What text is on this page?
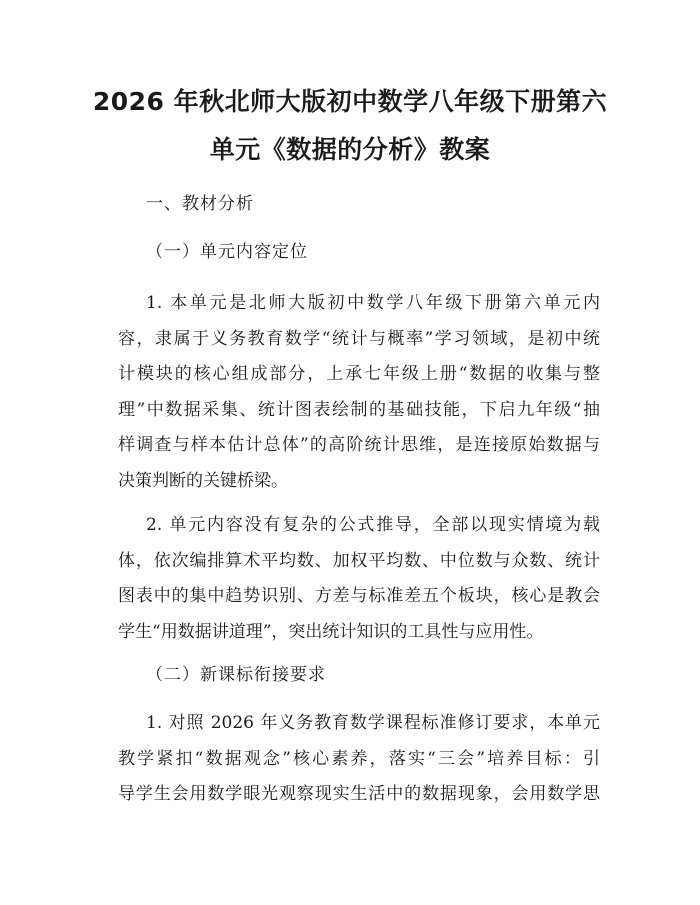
2026 年秋北师大版初中数学八年级下册第六
单元《数据的分析》教案

一、教材分析

（一）单元内容定位

1. 本单元是北师大版初中数学八年级下册第六单元内
容，隶属于义务教育数学“统计与概率”学习领域，是初中统
计模块的核心组成部分，上承七年级上册“数据的收集与整
理”中数据采集、统计图表绘制的基础技能，下启九年级“抽
样调查与样本估计总体”的高阶统计思维，是连接原始数据与
决策判断的关键桥梁。
2. 单元内容没有复杂的公式推导，全部以现实情境为载
体，依次编排算术平均数、加权平均数、中位数与众数、统计
图表中的集中趋势识别、方差与标准差五个板块，核心是教会
学生“用数据讲道理”，突出统计知识的工具性与应用性。

（二）新课标衔接要求

1. 对照 2026 年义务教育数学课程标准修订要求，本单元
教学紧扣“数据观念”核心素养，落实“三会”培养目标：引
导学生会用数学眼光观察现实生活中的数据现象，会用数学思
